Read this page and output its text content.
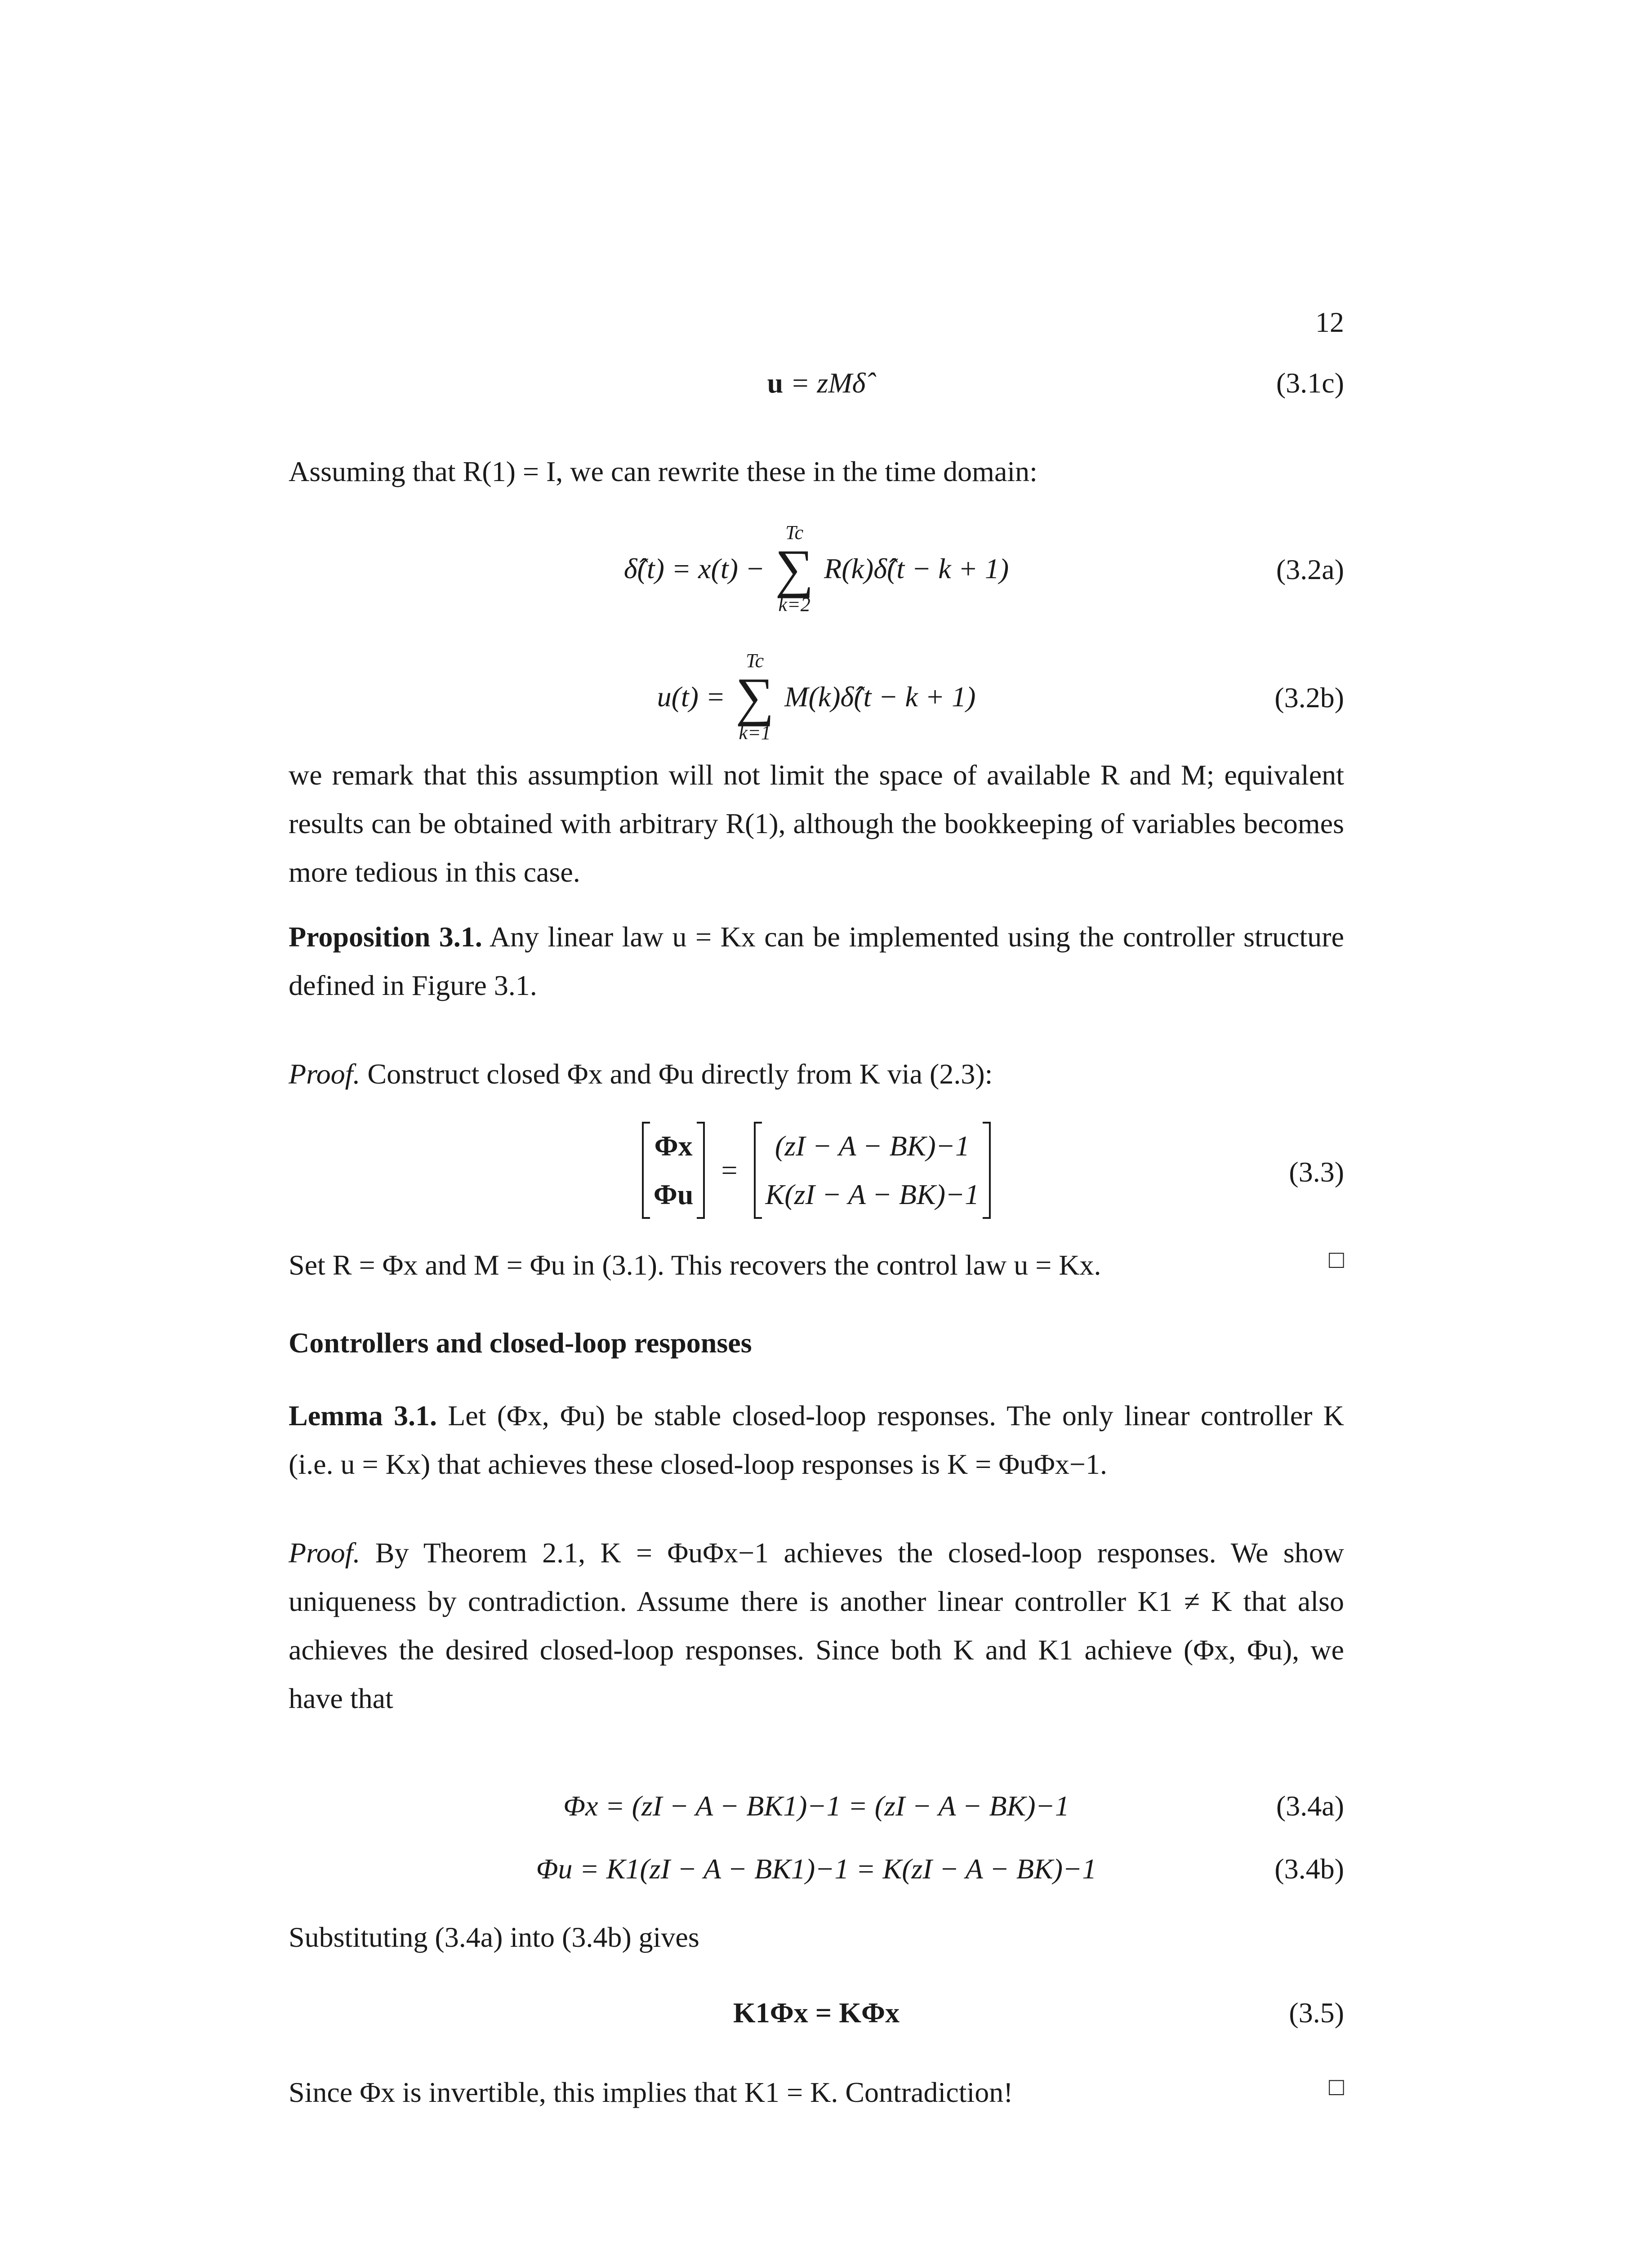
12
u = zMδ̂	(3.1c)
Assuming that R(1) = I, we can rewrite these in the time domain:
δ̂(t) = x(t) −
Tc
∑
k=2
R(k)δ̂(t − k + 1)	(3.2a)
u(t) =
Tc
∑
k=1
M(k)δ̂(t − k + 1)	(3.2b)
we remark that this assumption will not limit the space of available R and M; equivalent results can be obtained with arbitrary R(1), although the bookkeeping of variables becomes more tedious in this case.
Proposition 3.1. Any linear law u = Kx can be implemented using the controller structure defined in Figure 3.1.
Proof. Construct closed Φx and Φu directly from K via (2.3):
Φx
Φu
=
(zI − A − BK)−1
K(zI − A − BK)−1
(3.3)
Set R = Φx and M = Φu in (3.1). This recovers the control law u = Kx.	□
Controllers and closed-loop responses
Lemma 3.1. Let (Φx, Φu) be stable closed-loop responses. The only linear controller K (i.e. u = Kx) that achieves these closed-loop responses is K = ΦuΦx−1.
Proof. By Theorem 2.1, K = ΦuΦx−1 achieves the closed-loop responses. We show uniqueness by contradiction. Assume there is another linear controller K1 ≠ K that also achieves the desired closed-loop responses. Since both K and K1 achieve (Φx, Φu), we have that
Φx = (zI − A − BK1)−1 = (zI − A − BK)−1	(3.4a)
Φu = K1(zI − A − BK1)−1 = K(zI − A − BK)−1	(3.4b)
Substituting (3.4a) into (3.4b) gives
K1Φx = KΦx	(3.5)
Since Φx is invertible, this implies that K1 = K. Contradiction!	□
